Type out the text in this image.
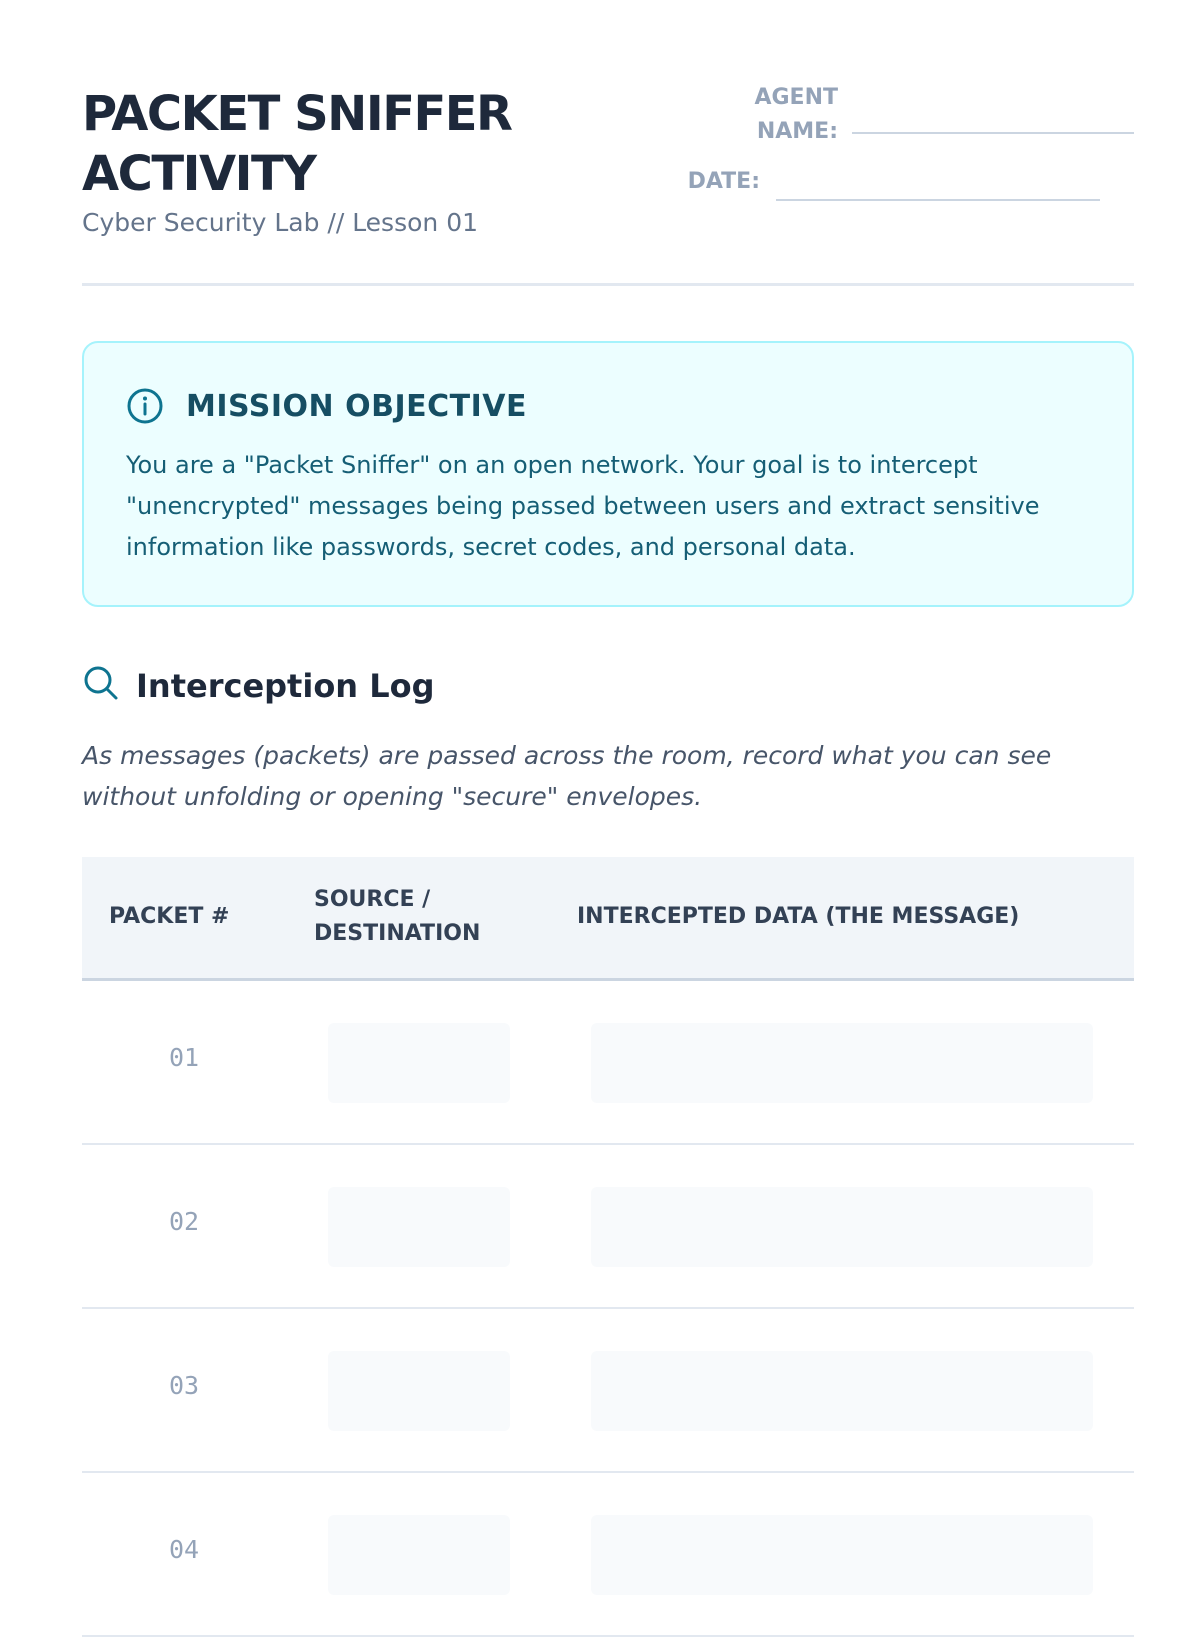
PACKET SNIFFER
ACTIVITY
Cyber Security Lab // Lesson 01
AGENT
NAME:
DATE:
MISSION OBJECTIVE

You are a "Packet Sniffer" on an open network. Your goal is to intercept "unencrypted" messages being passed between users and extract sensitive information like passwords, secret codes, and personal data.

Interception Log

As messages (packets) are passed across the room, record what you can see without unfolding or opening "secure" envelopes.

PACKET #
SOURCE /
DESTINATION
INTERCEPTED DATA (THE MESSAGE)
01
02
03
04
